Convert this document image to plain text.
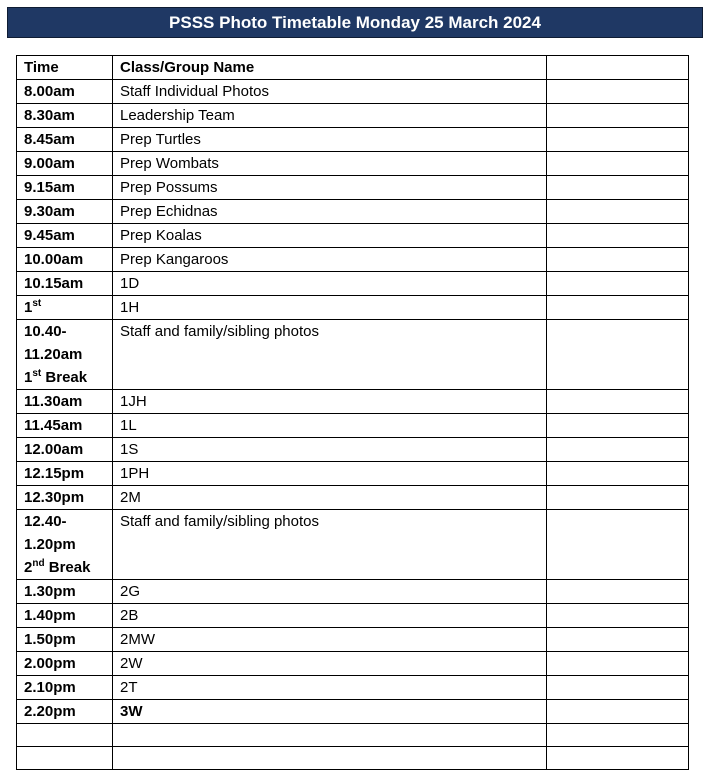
PSSS Photo Timetable Monday 25 March 2024
Time	Class/Group Name	
8.00am	Staff Individual Photos	
8.30am	Leadership Team	
8.45am	Prep Turtles	
9.00am	Prep Wombats	
9.15am	Prep Possums	
9.30am	Prep Echidnas	
9.45am	Prep Koalas	
10.00am	Prep Kangaroos	
10.15am	1D	
1st	1H	
10.40-
11.20am
1st Break	Staff and family/sibling photos	
11.30am	1JH	
11.45am	1L	
12.00am	1S	
12.15pm	1PH	
12.30pm	2M	
12.40-
1.20pm
2nd Break	Staff and family/sibling photos	
1.30pm	2G	
1.40pm	2B	
1.50pm	2MW	
2.00pm	2W	
2.10pm	2T	
2.20pm	3W	
